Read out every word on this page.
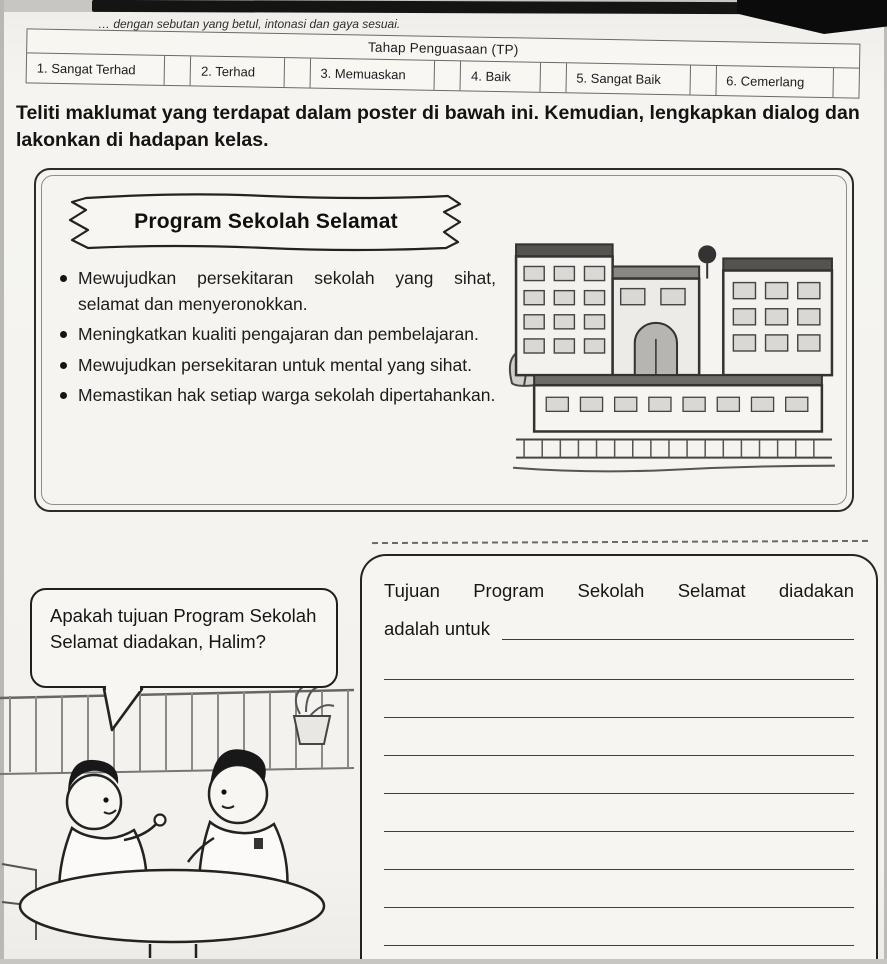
… dengan sebutan yang betul, intonasi dan gaya sesuai.
Tahap Penguasaan (TP)
1. Sangat Terhad	2. Terhad	3. Memuaskan	4. Baik	5. Sangat Baik	6. Cemerlang
Teliti maklumat yang terdapat dalam poster di bawah ini. Kemudian, lengkapkan dialog dan lakonkan di hadapan kelas.
Program Sekolah Selamat
Mewujudkan persekitaran sekolah yang sihat, selamat dan menyeronokkan.
Meningkatkan kualiti pengajaran dan pembelajaran.
Mewujudkan persekitaran untuk mental yang sihat.
Memastikan hak setiap warga sekolah dipertahankan.
Tujuan Program Sekolah Selamat diadakan
adalah untuk
Apakah tujuan Program Sekolah Selamat diadakan, Halim?
